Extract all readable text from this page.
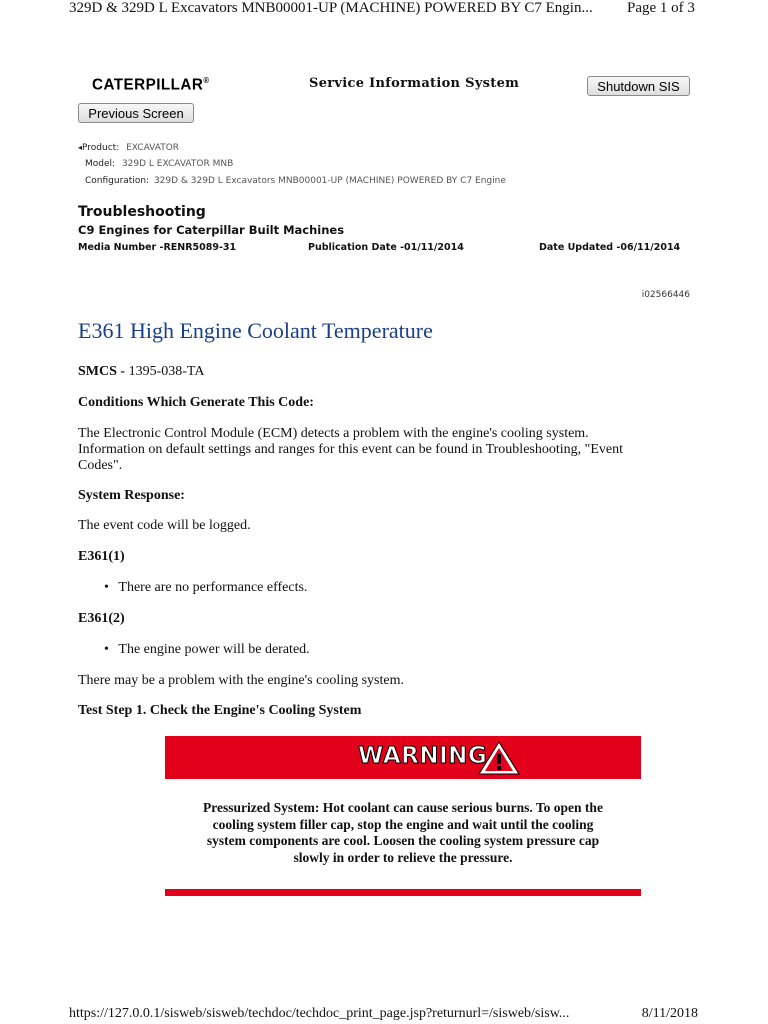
329D & 329D L Excavators MNB00001-UP (MACHINE) POWERED BY C7 Engin... Page 1 of 3
CATERPILLAR®	Service Information System	Shutdown SIS
Previous Screen
◂Product: EXCAVATOR
Model: 329D L EXCAVATOR MNB
Configuration: 329D & 329D L Excavators MNB00001-UP (MACHINE) POWERED BY C7 Engine
Troubleshooting
C9 Engines for Caterpillar Built Machines
Media Number -RENR5089-31	Publication Date -01/11/2014	Date Updated -06/11/2014
i02566446
E361 High Engine Coolant Temperature
SMCS - 1395-038-TA
Conditions Which Generate This Code:
The Electronic Control Module (ECM) detects a problem with the engine's cooling system.
Information on default settings and ranges for this event can be found in Troubleshooting, "Event
Codes".
System Response:
The event code will be logged.
E361(1)
• There are no performance effects.
E361(2)
• The engine power will be derated.
There may be a problem with the engine's cooling system.
Test Step 1. Check the Engine's Cooling System
WARNING
Pressurized System: Hot coolant can cause serious burns. To open the
cooling system filler cap, stop the engine and wait until the cooling
system components are cool. Loosen the cooling system pressure cap
slowly in order to relieve the pressure.
https://127.0.0.1/sisweb/sisweb/techdoc/techdoc_print_page.jsp?returnurl=/sisweb/sisw...	8/11/2018
